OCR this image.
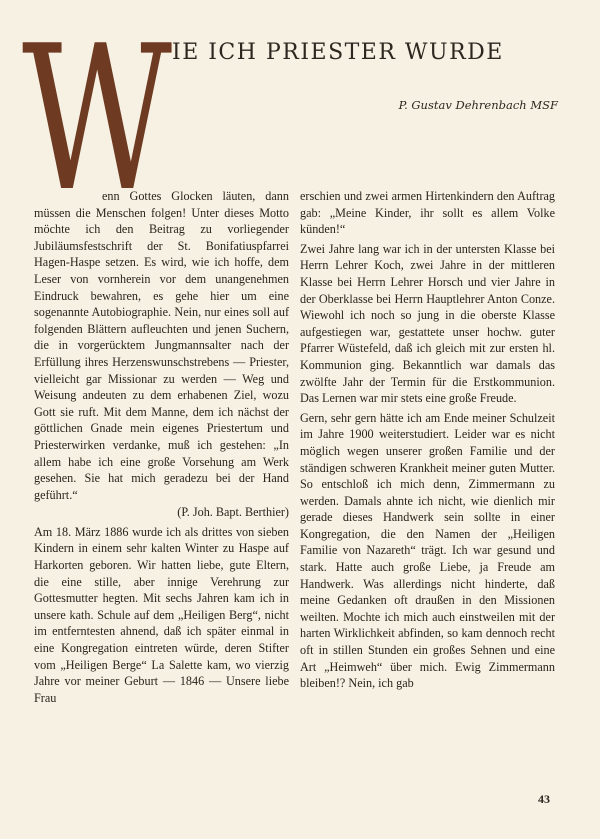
W IE ICH PRIESTER WURDE
P. Gustav Dehrenbach MSF

enn Gottes Glocken läuten, dann müssen die Menschen folgen! Unter dieses Motto möchte ich den Beitrag zu vorliegender Jubiläumsfestschrift der St. Bonifatiuspfarrei Hagen-Haspe setzen. Es wird, wie ich hoffe, dem Leser von vornherein vor dem unangenehmen Eindruck bewahren, es gehe hier um eine sogenannte Autobiographie. Nein, nur eines soll auf folgenden Blättern aufleuchten und jenen Suchern, die in vorgerücktem Jungmannsalter nach der Erfüllung ihres Herzenswunschstrebens — Priester, vielleicht gar Missionar zu werden — Weg und Weisung andeuten zu dem erhabenen Ziel, wozu Gott sie ruft. Mit dem Manne, dem ich nächst der göttlichen Gnade mein eigenes Priestertum und Priesterwirken verdanke, muß ich gestehen: „In allem habe ich eine große Vorsehung am Werk gesehen. Sie hat mich geradezu bei der Hand geführt.“

(P. Joh. Bapt. Berthier)

Am 18. März 1886 wurde ich als drittes von sieben Kindern in einem sehr kalten Winter zu Haspe auf Harkorten geboren. Wir hatten liebe, gute Eltern, die eine stille, aber innige Verehrung zur Gottesmutter hegten. Mit sechs Jahren kam ich in unsere kath. Schule auf dem „Heiligen Berg“, nicht im entferntesten ahnend, daß ich später einmal in eine Kongregation eintreten würde, deren Stifter vom „Heiligen Berge“ La Salette kam, wo vierzig Jahre vor meiner Geburt — 1846 — Unsere liebe Frau

erschien und zwei armen Hirtenkindern den Auftrag gab: „Meine Kinder, ihr sollt es allem Volke künden!“

Zwei Jahre lang war ich in der untersten Klasse bei Herrn Lehrer Koch, zwei Jahre in der mittleren Klasse bei Herrn Lehrer Horsch und vier Jahre in der Oberklasse bei Herrn Hauptlehrer Anton Conze. Wiewohl ich noch so jung in die oberste Klasse aufgestiegen war, gestattete unser hochw. guter Pfarrer Wüstefeld, daß ich gleich mit zur ersten hl. Kommunion ging. Bekanntlich war damals das zwölfte Jahr der Termin für die Erstkommunion. Das Lernen war mir stets eine große Freude.

Gern, sehr gern hätte ich am Ende meiner Schulzeit im Jahre 1900 weiterstudiert. Leider war es nicht möglich wegen unserer großen Familie und der ständigen schweren Krankheit meiner guten Mutter. So entschloß ich mich denn, Zimmermann zu werden. Damals ahnte ich nicht, wie dienlich mir gerade dieses Handwerk sein sollte in einer Kongregation, die den Namen der „Heiligen Familie von Nazareth“ trägt. Ich war gesund und stark. Hatte auch große Liebe, ja Freude am Handwerk. Was allerdings nicht hinderte, daß meine Gedanken oft draußen in den Missionen weilten. Mochte ich mich auch einstweilen mit der harten Wirklichkeit abfinden, so kam dennoch recht oft in stillen Stunden ein großes Sehnen und eine Art „Heimweh“ über mich. Ewig Zimmermann bleiben!? Nein, ich gab

43
